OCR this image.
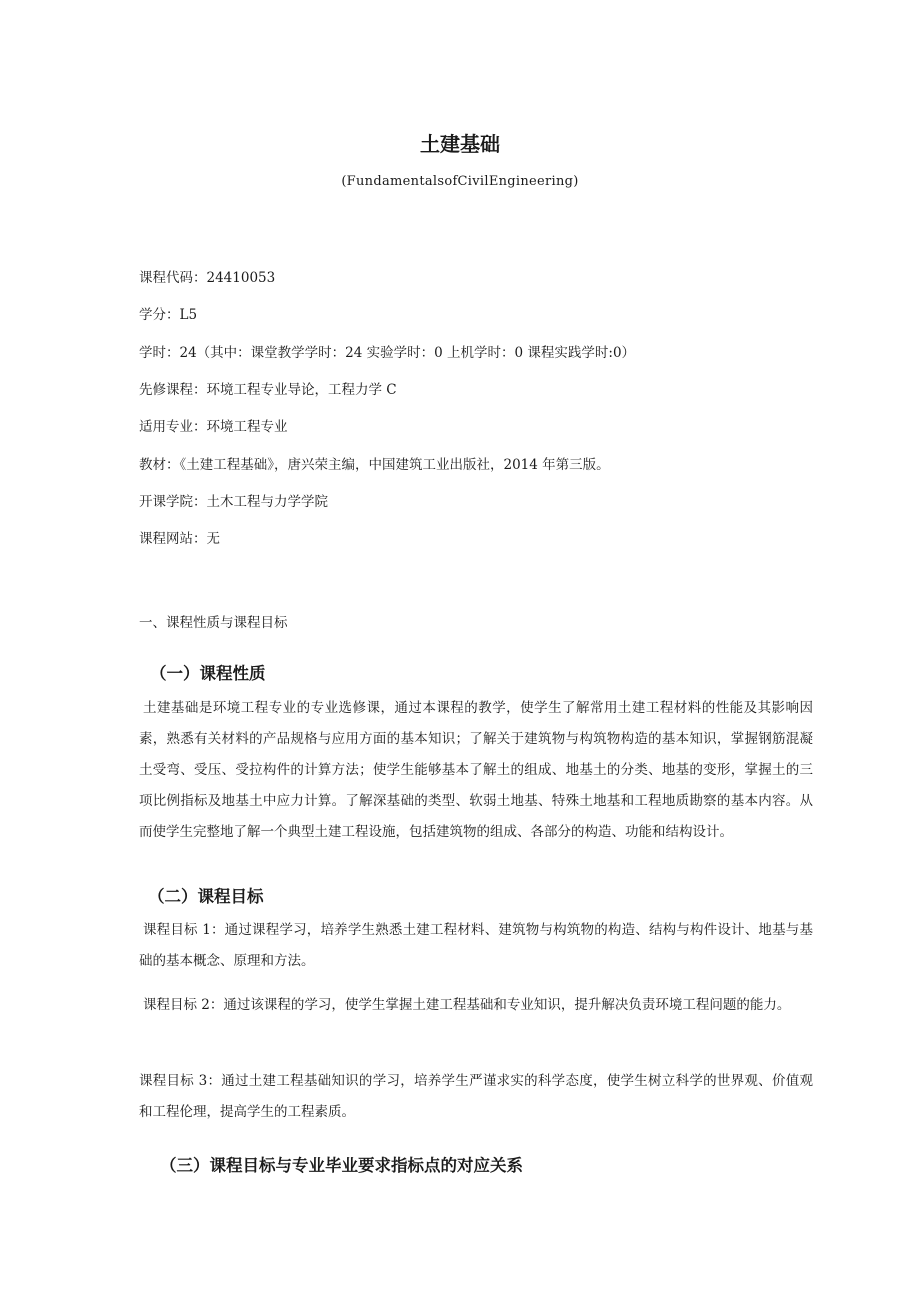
土建基础
(FundamentalsofCivilEngineering)
课程代码：24410053
学分：L5
学时：24（其中：课堂教学学时：24 实验学时：0 上机学时：0 课程实践学时:0）
先修课程：环境工程专业导论，工程力学 C
适用专业：环境工程专业
教材：《土建工程基础》，唐兴荣主编，中国建筑工业出版社，2014 年第三版。
开课学院：土木工程与力学学院
课程网站：无
一、课程性质与课程目标
（一）课程性质
土建基础是环境工程专业的专业选修课，通过本课程的教学，使学生了解常用土建工程材料的性能及其影响因素，熟悉有关材料的产品规格与应用方面的基本知识；了解关于建筑物与构筑物构造的基本知识，掌握钢筋混凝土受弯、受压、受拉构件的计算方法；使学生能够基本了解土的组成、地基土的分类、地基的变形，掌握土的三项比例指标及地基土中应力计算。了解深基础的类型、软弱土地基、特殊土地基和工程地质勘察的基本内容。从而使学生完整地了解一个典型土建工程设施，包括建筑物的组成、各部分的构造、功能和结构设计。
（二）课程目标
课程目标 1：通过课程学习，培养学生熟悉土建工程材料、建筑物与构筑物的构造、结构与构件设计、地基与基础的基本概念、原理和方法。
课程目标 2：通过该课程的学习，使学生掌握土建工程基础和专业知识，提升解决负责环境工程问题的能力。
课程目标 3：通过土建工程基础知识的学习，培养学生严谨求实的科学态度，使学生树立科学的世界观、价值观和工程伦理，提高学生的工程素质。
（三）课程目标与专业毕业要求指标点的对应关系
